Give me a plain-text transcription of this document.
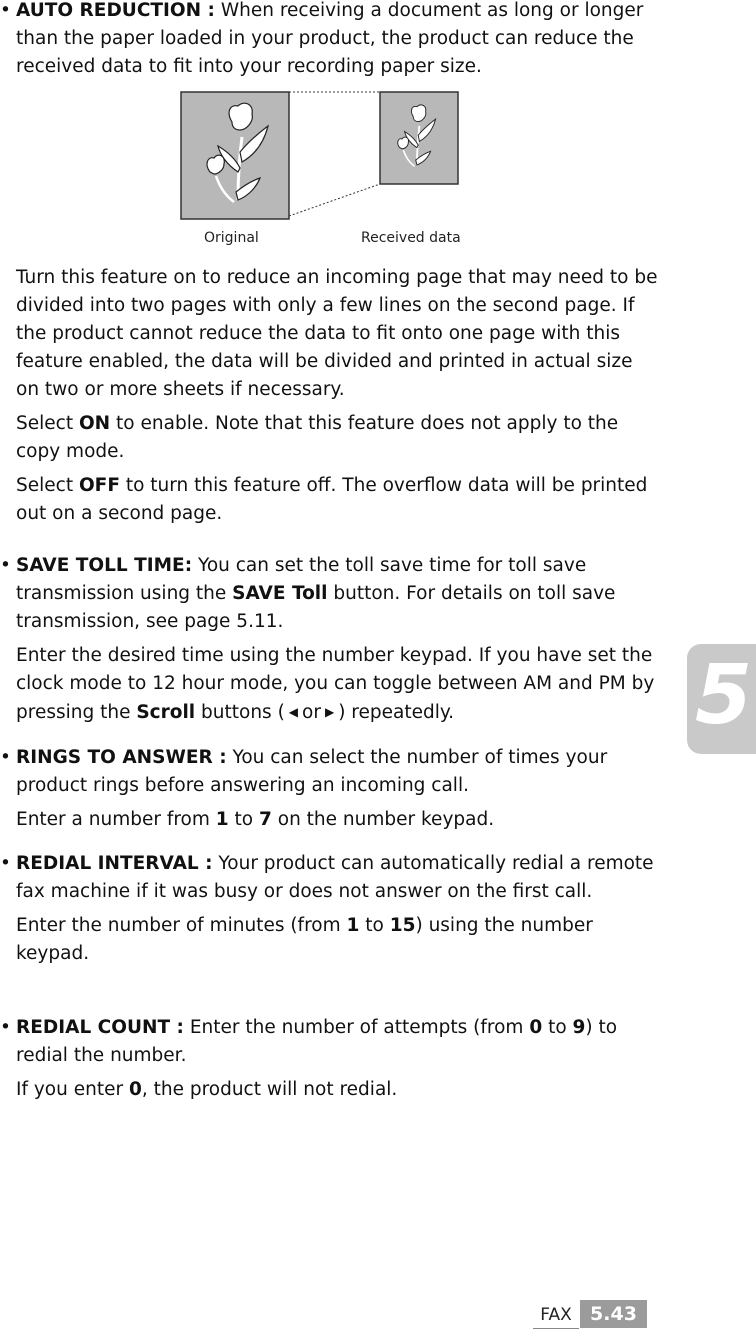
• AUTO REDUCTION : When receiving a document as long or longer than the paper loaded in your product, the product can reduce the received data to fit into your recording paper size.
Original	Received data
Turn this feature on to reduce an incoming page that may need to be divided into two pages with only a few lines on the second page. If the product cannot reduce the data to fit onto one page with this feature enabled, the data will be divided and printed in actual size on two or more sheets if necessary.
Select ON to enable. Note that this feature does not apply to the copy mode.
Select OFF to turn this feature off. The overflow data will be printed out on a second page.
• SAVE TOLL TIME: You can set the toll save time for toll save transmission using the SAVE Toll button. For details on toll save transmission, see page 5.11.
Enter the desired time using the number keypad. If you have set the clock mode to 12 hour mode, you can toggle between AM and PM by pressing the Scroll buttons ( ◀ or ▶ ) repeatedly.
• RINGS TO ANSWER : You can select the number of times your product rings before answering an incoming call.
Enter a number from 1 to 7 on the number keypad.
• REDIAL INTERVAL : Your product can automatically redial a remote fax machine if it was busy or does not answer on the first call.
Enter the number of minutes (from 1 to 15) using the number keypad.
• REDIAL COUNT : Enter the number of attempts (from 0 to 9) to redial the number.
If you enter 0, the product will not redial.
5
FAX 5.43
